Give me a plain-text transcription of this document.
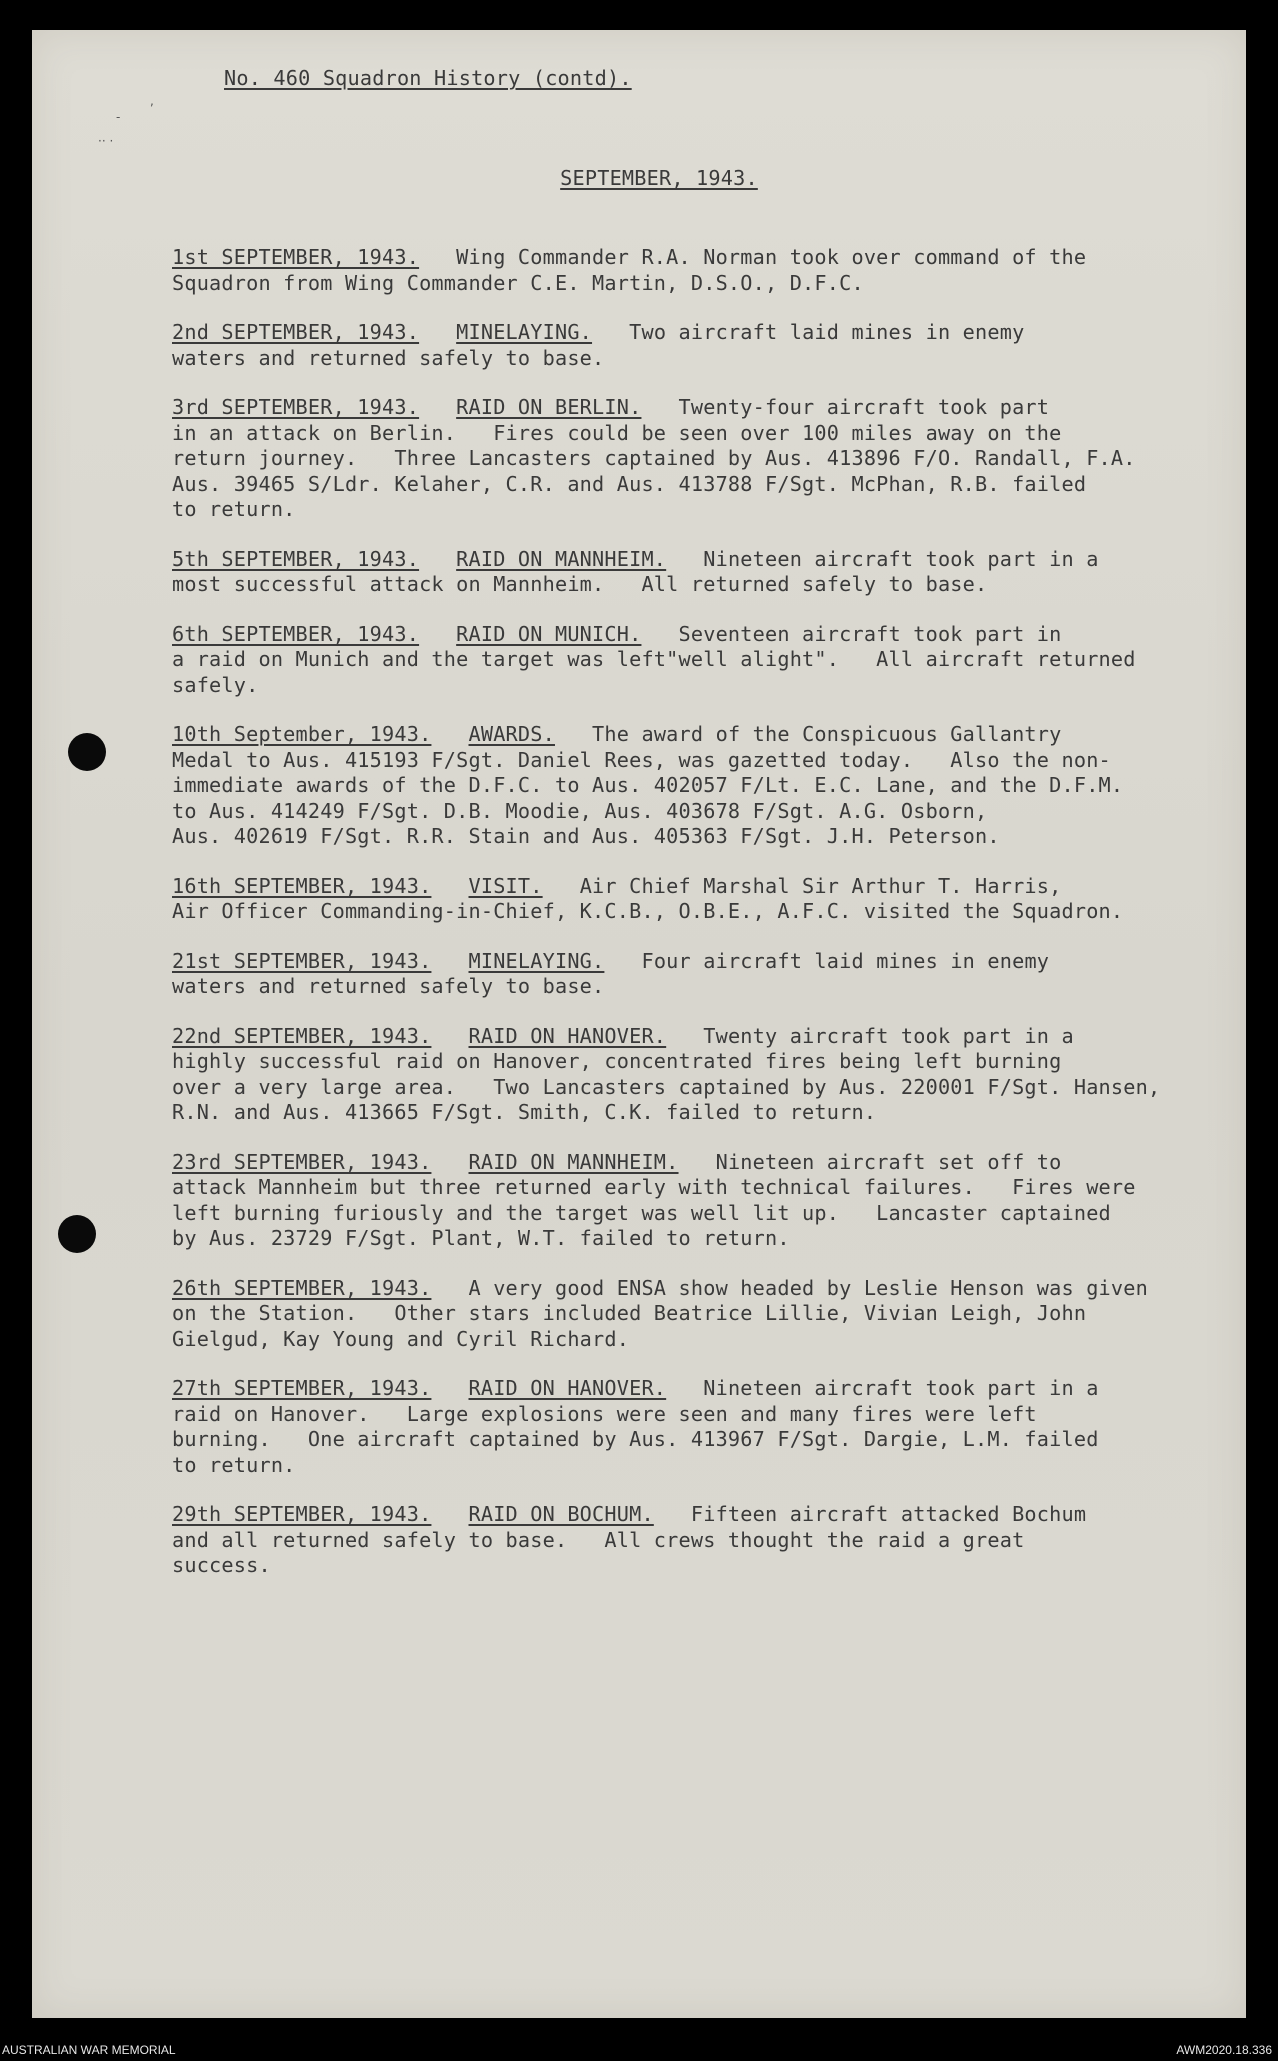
,
-
·· ·
No. 460 Squadron History (contd).
SEPTEMBER, 1943.
1st SEPTEMBER, 1943. Wing Commander R.A. Norman took over command of the
Squadron from Wing Commander C.E. Martin, D.S.O., D.F.C.
2nd SEPTEMBER, 1943. MINELAYING. Two aircraft laid mines in enemy
waters and returned safely to base.
3rd SEPTEMBER, 1943. RAID ON BERLIN. Twenty-four aircraft took part
in an attack on Berlin.   Fires could be seen over 100 miles away on the
return journey.   Three Lancasters captained by Aus. 413896 F/O. Randall, F.A.
Aus. 39465 S/Ldr. Kelaher, C.R. and Aus. 413788 F/Sgt. McPhan, R.B. failed
to return.
5th SEPTEMBER, 1943. RAID ON MANNHEIM. Nineteen aircraft took part in a
most successful attack on Mannheim.   All returned safely to base.
6th SEPTEMBER, 1943. RAID ON MUNICH. Seventeen aircraft took part in
a raid on Munich and the target was left"well alight".   All aircraft returned
safely.
10th September, 1943. AWARDS. The award of the Conspicuous Gallantry
Medal to Aus. 415193 F/Sgt. Daniel Rees, was gazetted today.   Also the non-
immediate awards of the D.F.C. to Aus. 402057 F/Lt. E.C. Lane, and the D.F.M.
to Aus. 414249 F/Sgt. D.B. Moodie, Aus. 403678 F/Sgt. A.G. Osborn,
Aus. 402619 F/Sgt. R.R. Stain and Aus. 405363 F/Sgt. J.H. Peterson.
16th SEPTEMBER, 1943. VISIT. Air Chief Marshal Sir Arthur T. Harris,
Air Officer Commanding-in-Chief, K.C.B., O.B.E., A.F.C. visited the Squadron.
21st SEPTEMBER, 1943. MINELAYING. Four aircraft laid mines in enemy
waters and returned safely to base.
22nd SEPTEMBER, 1943. RAID ON HANOVER. Twenty aircraft took part in a
highly successful raid on Hanover, concentrated fires being left burning
over a very large area.   Two Lancasters captained by Aus. 220001 F/Sgt. Hansen,
R.N. and Aus. 413665 F/Sgt. Smith, C.K. failed to return.
23rd SEPTEMBER, 1943. RAID ON MANNHEIM. Nineteen aircraft set off to
attack Mannheim but three returned early with technical failures.   Fires were
left burning furiously and the target was well lit up.   Lancaster captained
by Aus. 23729 F/Sgt. Plant, W.T. failed to return.
26th SEPTEMBER, 1943. A very good ENSA show headed by Leslie Henson was given
on the Station.   Other stars included Beatrice Lillie, Vivian Leigh, John
Gielgud, Kay Young and Cyril Richard.
27th SEPTEMBER, 1943. RAID ON HANOVER. Nineteen aircraft took part in a
raid on Hanover.   Large explosions were seen and many fires were left
burning.   One aircraft captained by Aus. 413967 F/Sgt. Dargie, L.M. failed
to return.
29th SEPTEMBER, 1943. RAID ON BOCHUM. Fifteen aircraft attacked Bochum
and all returned safely to base.   All crews thought the raid a great
success.
AUSTRALIAN WAR MEMORIAL	AWM2020.18.336
